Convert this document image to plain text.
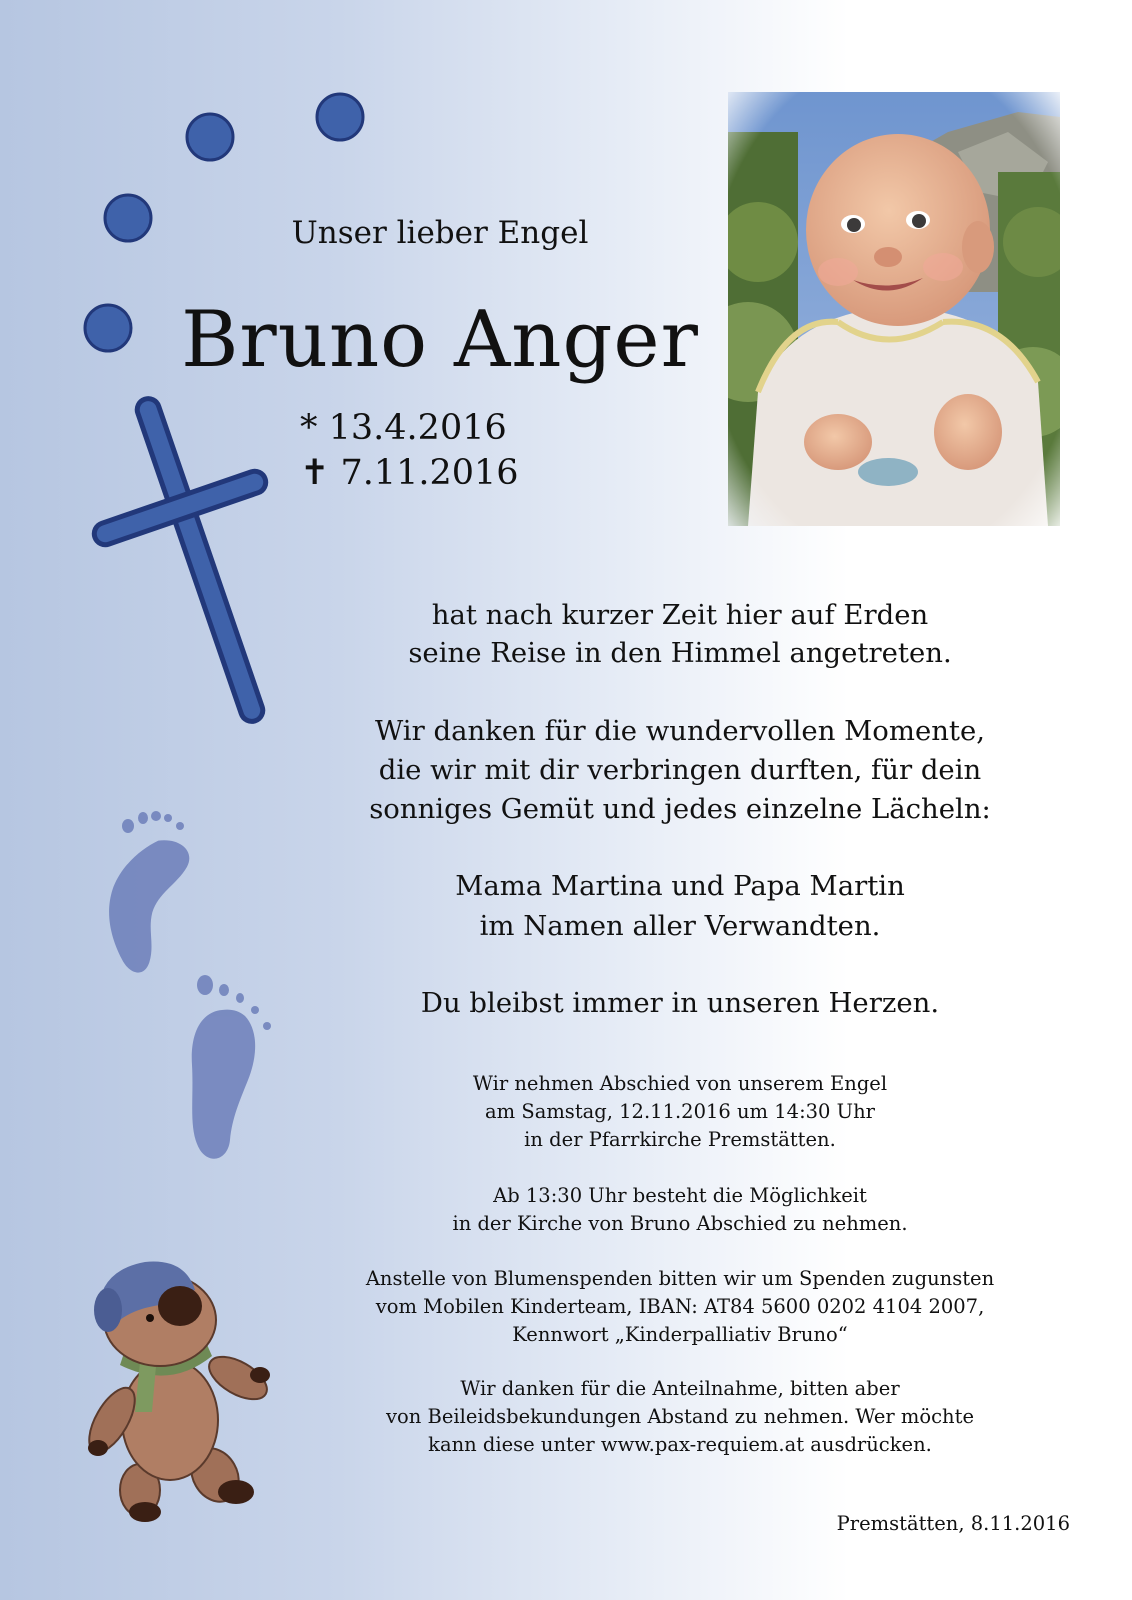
Unser lieber Engel
Bruno Anger
* 13.4.2016
✝ 7.11.2016
hat nach kurzer Zeit hier auf Erden
seine Reise in den Himmel angetreten.
Wir danken für die wundervollen Momente,
die wir mit dir verbringen durften, für dein
sonniges Gemüt und jedes einzelne Lächeln:
Mama Martina und Papa Martin
im Namen aller Verwandten.
Du bleibst immer in unseren Herzen.
Wir nehmen Abschied von unserem Engel
am Samstag, 12.11.2016 um 14:30 Uhr
in der Pfarrkirche Premstätten.
Ab 13:30 Uhr besteht die Möglichkeit
in der Kirche von Bruno Abschied zu nehmen.
Anstelle von Blumenspenden bitten wir um Spenden zugunsten
vom Mobilen Kinderteam, IBAN: AT84 5600 0202 4104 2007,
Kennwort „Kinderpalliativ Bruno“
Wir danken für die Anteilnahme, bitten aber
von Beileidsbekundungen Abstand zu nehmen. Wer möchte
kann diese unter www.pax-requiem.at ausdrücken.
Premstätten, 8.11.2016
